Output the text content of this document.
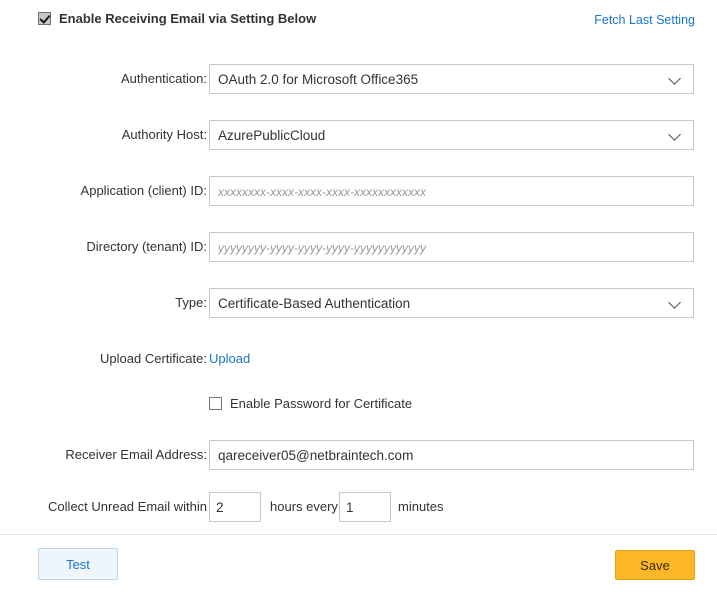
Enable Receiving Email via Setting Below	Fetch Last Setting
Authentication: OAuth 2.0 for Microsoft Office365
Authority Host: AzurePublicCloud
Application (client) ID:
xxxxxxxx-xxxx-xxxx-xxxx-xxxxxxxxxxxx
Directory (tenant) ID:
yyyyyyyy-yyyy-yyyy-yyyy-yyyyyyyyyyyy
Type: Certificate-Based Authentication
Upload Certificate: Upload
Enable Password for Certificate
Receiver Email Address:
qareceiver05@netbraintech.com
Collect Unread Email within
2	hours every
1	minutes
Test	Save
